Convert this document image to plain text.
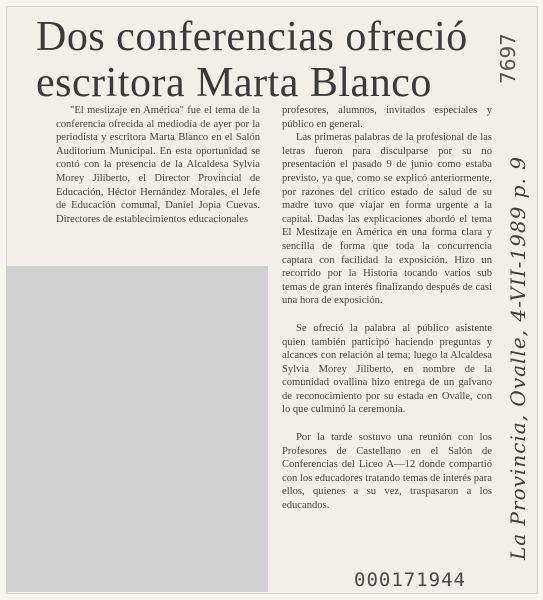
Dos conferencias ofreció
escritora Marta Blanco

"El mestizaje en América" fue el tema de la conferencia ofrecida al mediodía de ayer por la periodista y escritora Marta Blanco en el Salón Auditorium Municipal. En esta oportunidad se contó con la presencia de la Alcaldesa Sylvia Morey Jiliberto, el Director Provincial de Educación, Héctor Hernández Morales, el Jefe de Educación comunal, Daniel Jopia Cuevas. Directores de establecimientos educacionales

profesores, alumnos, invitados especiales y público en general.

Las primeras palabras de la profesional de las letras fueron para disculparse por su no presentación el pasado 9 de junio como estaba previsto, ya que, como se explicó anteriormente, por razones del crítico estado de salud de su madre tuvo que viajar en forma urgente a la capital. Dadas las explicaciones abordó el tema El Mestizaje en América en una forma clara y sencilla de forma que toda la concurrencia captara con facilidad la exposición. Hizo un recorrido por la Historia tocando varios sub temas de gran interés finalizando después de casi una hora de exposición.

Se ofreció la palabra al público asistente quien también participó haciendo preguntas y alcances con relación al tema; luego la Alcaldesa Sylvia Morey Jiliberto, en nombre de la comunidad ovallina hizo entrega de un galvano de reconocimiento por su estada en Ovalle, con lo que culminó la ceremonia.

Por la tarde sostuvo una reunión con los Profesores de Castellano en el Salón de Conferencias del Liceo A—12 donde compartió con los educadores tratando temas de interés para ellos, quienes a su vez, traspasaron a los educandos.

7697
La Provincia, Ovalle, 4-VII-1989 p. 9
000171944
